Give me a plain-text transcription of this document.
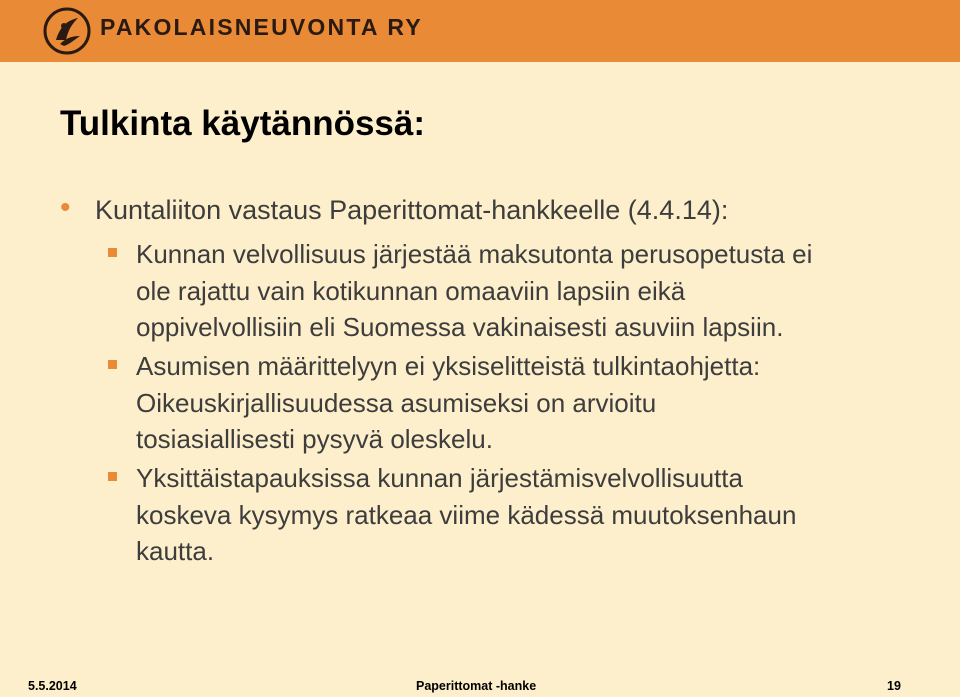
PAKOLAISNEUVONTA RY
Tulkinta käytännössä:
• Kuntaliiton vastaus Paperittomat-hankkeelle (4.4.14):
Kunnan velvollisuus järjestää maksutonta perusopetusta ei
ole rajattu vain kotikunnan omaaviin lapsiin eikä
oppivelvollisiin eli Suomessa vakinaisesti asuviin lapsiin.
Asumisen määrittelyyn ei yksiselitteistä tulkintaohjetta:
Oikeuskirjallisuudessa asumiseksi on arvioitu
tosiasiallisesti pysyvä oleskelu.
Yksittäistapauksissa kunnan järjestämisvelvollisuutta
koskeva kysymys ratkeaa viime kädessä muutoksenhaun
kautta.
5.5.2014	Paperittomat -hanke	19
